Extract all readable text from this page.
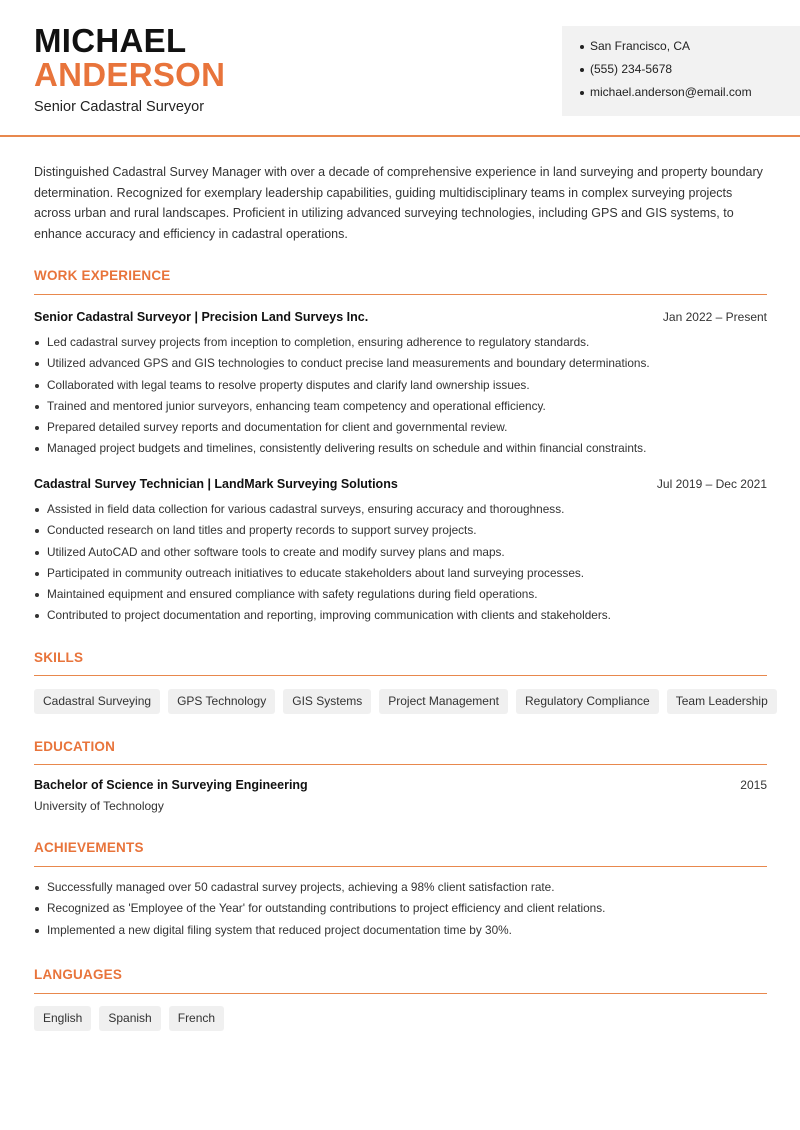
MICHAEL
ANDERSON
Senior Cadastral Surveyor
San Francisco, CA
(555) 234-5678
michael.anderson@email.com

Distinguished Cadastral Survey Manager with over a decade of comprehensive experience in land surveying and property boundary determination. Recognized for exemplary leadership capabilities, guiding multidisciplinary teams in complex surveying projects across urban and rural landscapes. Proficient in utilizing advanced surveying technologies, including GPS and GIS systems, to enhance accuracy and efficiency in cadastral operations.

WORK EXPERIENCE
Senior Cadastral Surveyor | Precision Land Surveys Inc.	Jan 2022 – Present
Led cadastral survey projects from inception to completion, ensuring adherence to regulatory standards.
Utilized advanced GPS and GIS technologies to conduct precise land measurements and boundary determinations.
Collaborated with legal teams to resolve property disputes and clarify land ownership issues.
Trained and mentored junior surveyors, enhancing team competency and operational efficiency.
Prepared detailed survey reports and documentation for client and governmental review.
Managed project budgets and timelines, consistently delivering results on schedule and within financial constraints.
Cadastral Survey Technician | LandMark Surveying Solutions	Jul 2019 – Dec 2021
Assisted in field data collection for various cadastral surveys, ensuring accuracy and thoroughness.
Conducted research on land titles and property records to support survey projects.
Utilized AutoCAD and other software tools to create and modify survey plans and maps.
Participated in community outreach initiatives to educate stakeholders about land surveying processes.
Maintained equipment and ensured compliance with safety regulations during field operations.
Contributed to project documentation and reporting, improving communication with clients and stakeholders.
SKILLS
Cadastral Surveying	GPS Technology	GIS Systems	Project Management	Regulatory Compliance	Team Leadership
EDUCATION
Bachelor of Science in Surveying Engineering	2015
University of Technology
ACHIEVEMENTS
Successfully managed over 50 cadastral survey projects, achieving a 98% client satisfaction rate.
Recognized as 'Employee of the Year' for outstanding contributions to project efficiency and client relations.
Implemented a new digital filing system that reduced project documentation time by 30%.
LANGUAGES
English	Spanish	French
